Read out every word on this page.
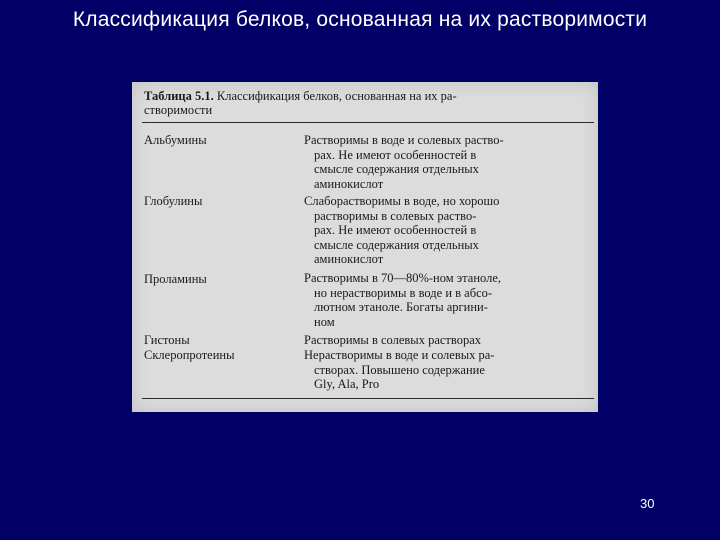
Классификация белков, основанная на их растворимости
Таблица 5.1. Классификация белков, основанная на их ра-
створимости
Альбумины	Растворимы в воде и солевых раство-
рах. Не имеют особенностей в
смысле содержания отдельных
аминокислот
Глобулины	Слаборастворимы в воде, но хорошо
растворимы в солевых раство-
рах. Не имеют особенностей в
смысле содержания отдельных
аминокислот
Проламины	Растворимы в 70—80%-ном этаноле,
но нерастворимы в воде и в абсо-
лютном этаноле. Богаты аргини-
ном
Гистоны	Растворимы в солевых растворах
Склеропротеины	Нерастворимы в воде и солевых ра-
створах. Повышено содержание
Gly, Ala, Pro
30
